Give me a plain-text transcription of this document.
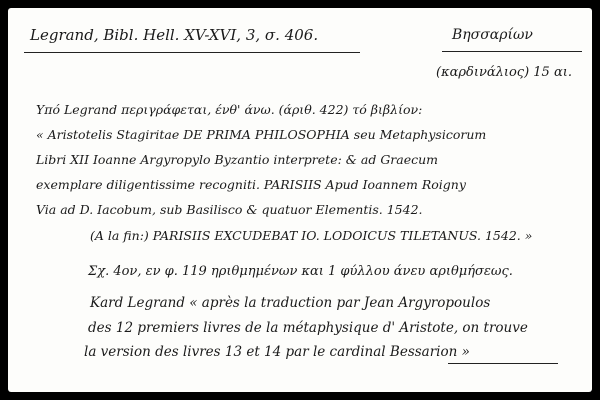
Legrand, Bibl. Hell. XV-XVI, 3, σ. 406.	Βησσαρίων
(καρδινάλιος) 15 αι.
Υπό Legrand περιγράφεται, ένθ' άνω. (άριθ. 422) τό βιβλίον:
« Aristotelis Stagiritae DE PRIMA PHILOSOPHIA seu Metaphysicorum
Libri XII Ioanne Argyropylo Byzantio interprete: & ad Graecum
exemplare diligentissime recogniti. PARISIIS Apud Ioannem Roigny
Via ad D. Iacobum, sub Basilisco & quatuor Elementis. 1542.
(A la fin:) PARISIIS EXCUDEBAT IO. LODOICUS TILETANUS. 1542. »
Σχ. 4ον, εν φ. 119 ηριθμημένων και 1 φύλλου άνευ αριθμήσεως.
Kard Legrand « après la traduction par Jean Argyropoulos
des 12 premiers livres de la métaphysique d' Aristote, on trouve
la version des livres 13 et 14 par le cardinal Bessarion »
